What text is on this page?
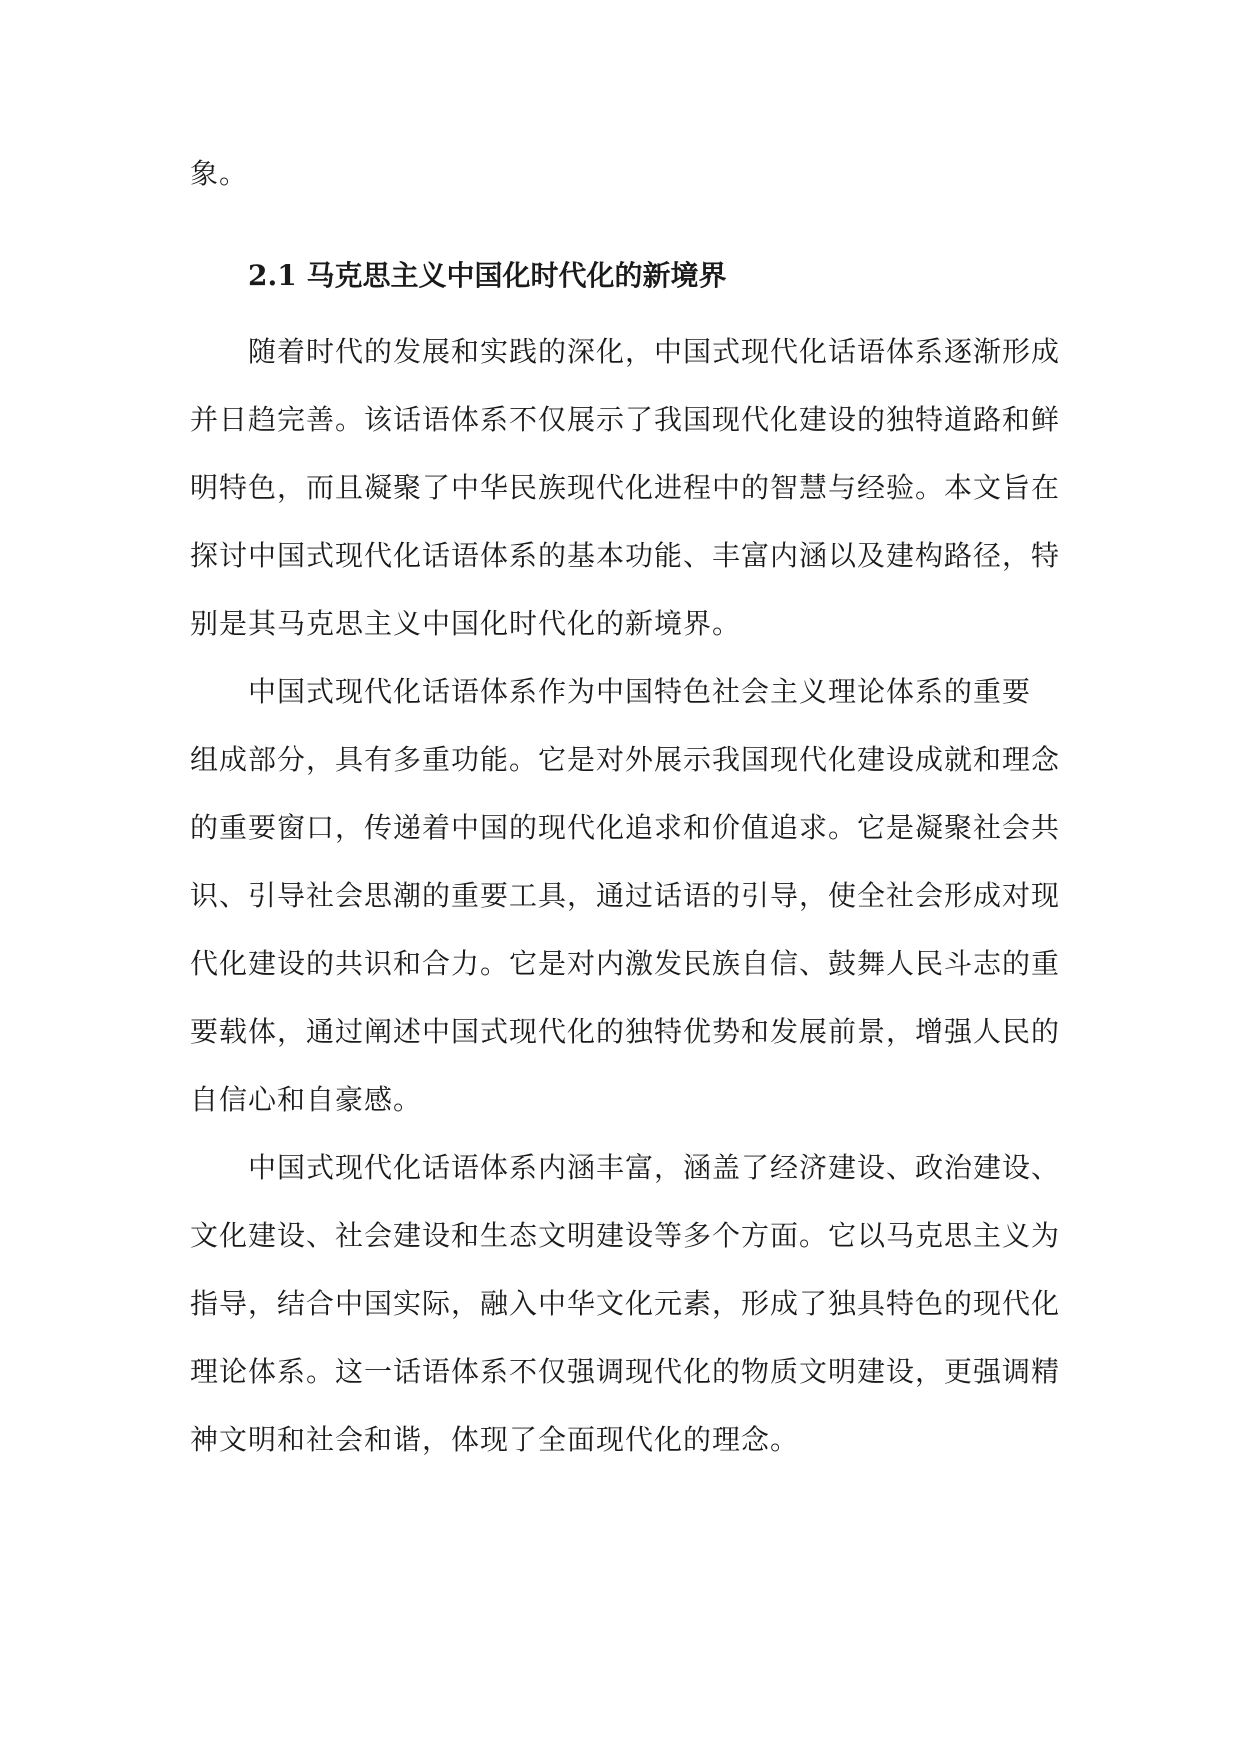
象。

2.1 马克思主义中国化时代化的新境界

随着时代的发展和实践的深化，中国式现代化话语体系逐渐形成
并日趋完善。该话语体系不仅展示了我国现代化建设的独特道路和鲜
明特色，而且凝聚了中华民族现代化进程中的智慧与经验。本文旨在
探讨中国式现代化话语体系的基本功能、丰富内涵以及建构路径，特
别是其马克思主义中国化时代化的新境界。

中国式现代化话语体系作为中国特色社会主义理论体系的重要
组成部分，具有多重功能。它是对外展示我国现代化建设成就和理念
的重要窗口，传递着中国的现代化追求和价值追求。它是凝聚社会共
识、引导社会思潮的重要工具，通过话语的引导，使全社会形成对现
代化建设的共识和合力。它是对内激发民族自信、鼓舞人民斗志的重
要载体，通过阐述中国式现代化的独特优势和发展前景，增强人民的
自信心和自豪感。

中国式现代化话语体系内涵丰富，涵盖了经济建设、政治建设、
文化建设、社会建设和生态文明建设等多个方面。它以马克思主义为
指导，结合中国实际，融入中华文化元素，形成了独具特色的现代化
理论体系。这一话语体系不仅强调现代化的物质文明建设，更强调精
神文明和社会和谐，体现了全面现代化的理念。
